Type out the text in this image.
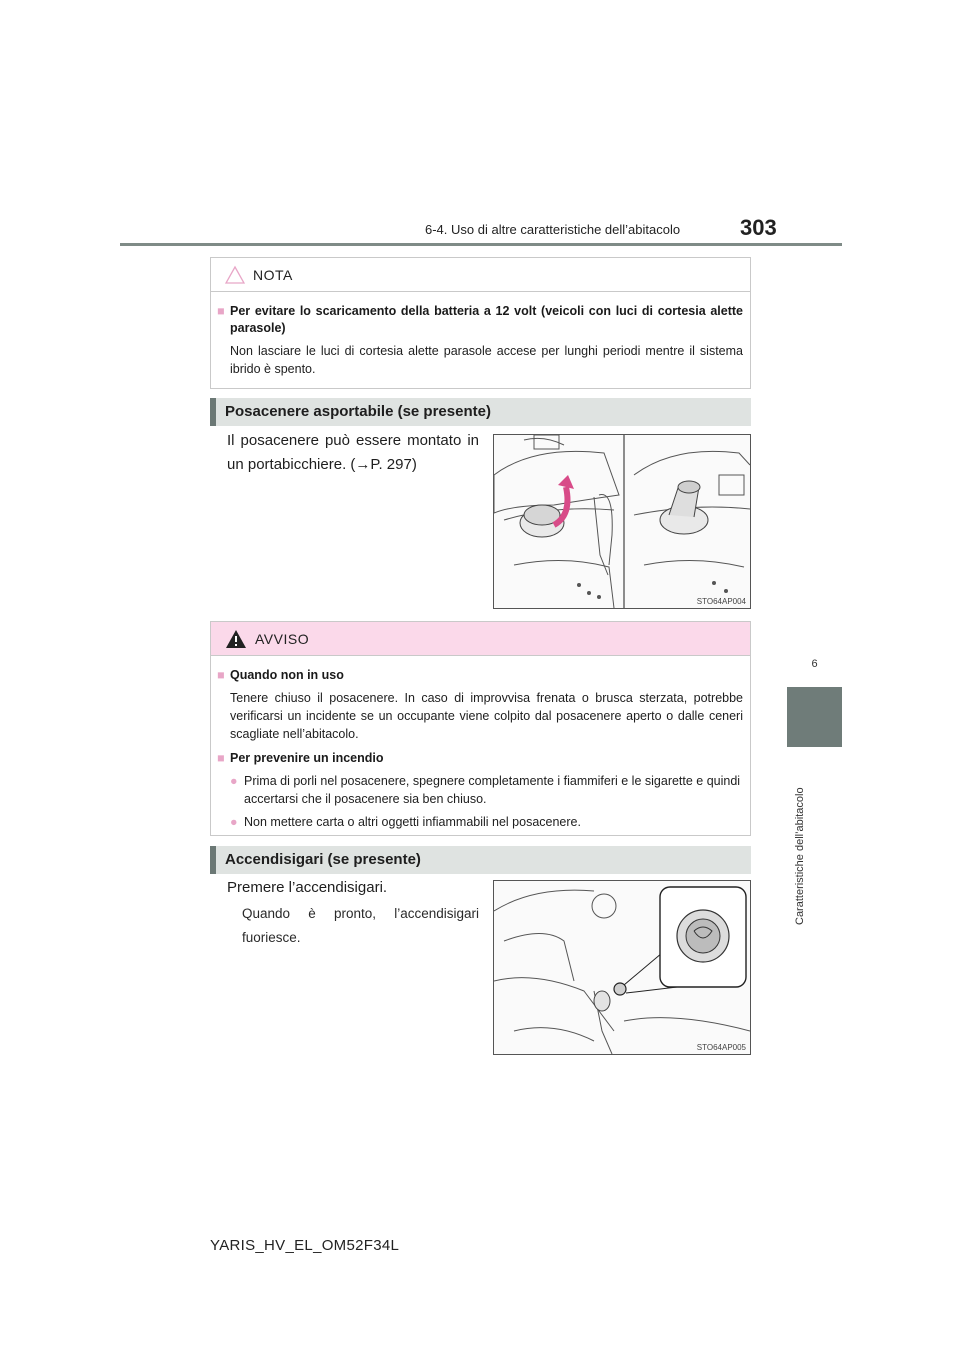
6-4. Uso di altre caratteristiche dell’abitacolo	303
6
Caratteristiche dell’abitacolo
NOTA
■ Per evitare lo scaricamento della batteria a 12 volt (veicoli con luci di cortesia alette parasole)
Non lasciare le luci di cortesia alette parasole accese per lunghi periodi mentre il sistema ibrido è spento.
Posacenere asportabile (se presente)
Il posacenere può essere montato in un portabicchiere. (→P. 297)
STO64AP004
AVVISO
■ Quando non in uso
Tenere chiuso il posacenere. In caso di improvvisa frenata o brusca sterzata, potrebbe verificarsi un incidente se un occupante viene colpito dal posacenere aperto o dalle ceneri scagliate nell’abitacolo.
■ Per prevenire un incendio
● Prima di porli nel posacenere, spegnere completamente i fiammiferi e le sigarette e quindi accertarsi che il posacenere sia ben chiuso.
● Non mettere carta o altri oggetti infiammabili nel posacenere.
Accendisigari (se presente)
Premere l’accendisigari.
Quando è pronto, l’accendisigari fuoriesce.
STO64AP005
YARIS_HV_EL_OM52F34L
